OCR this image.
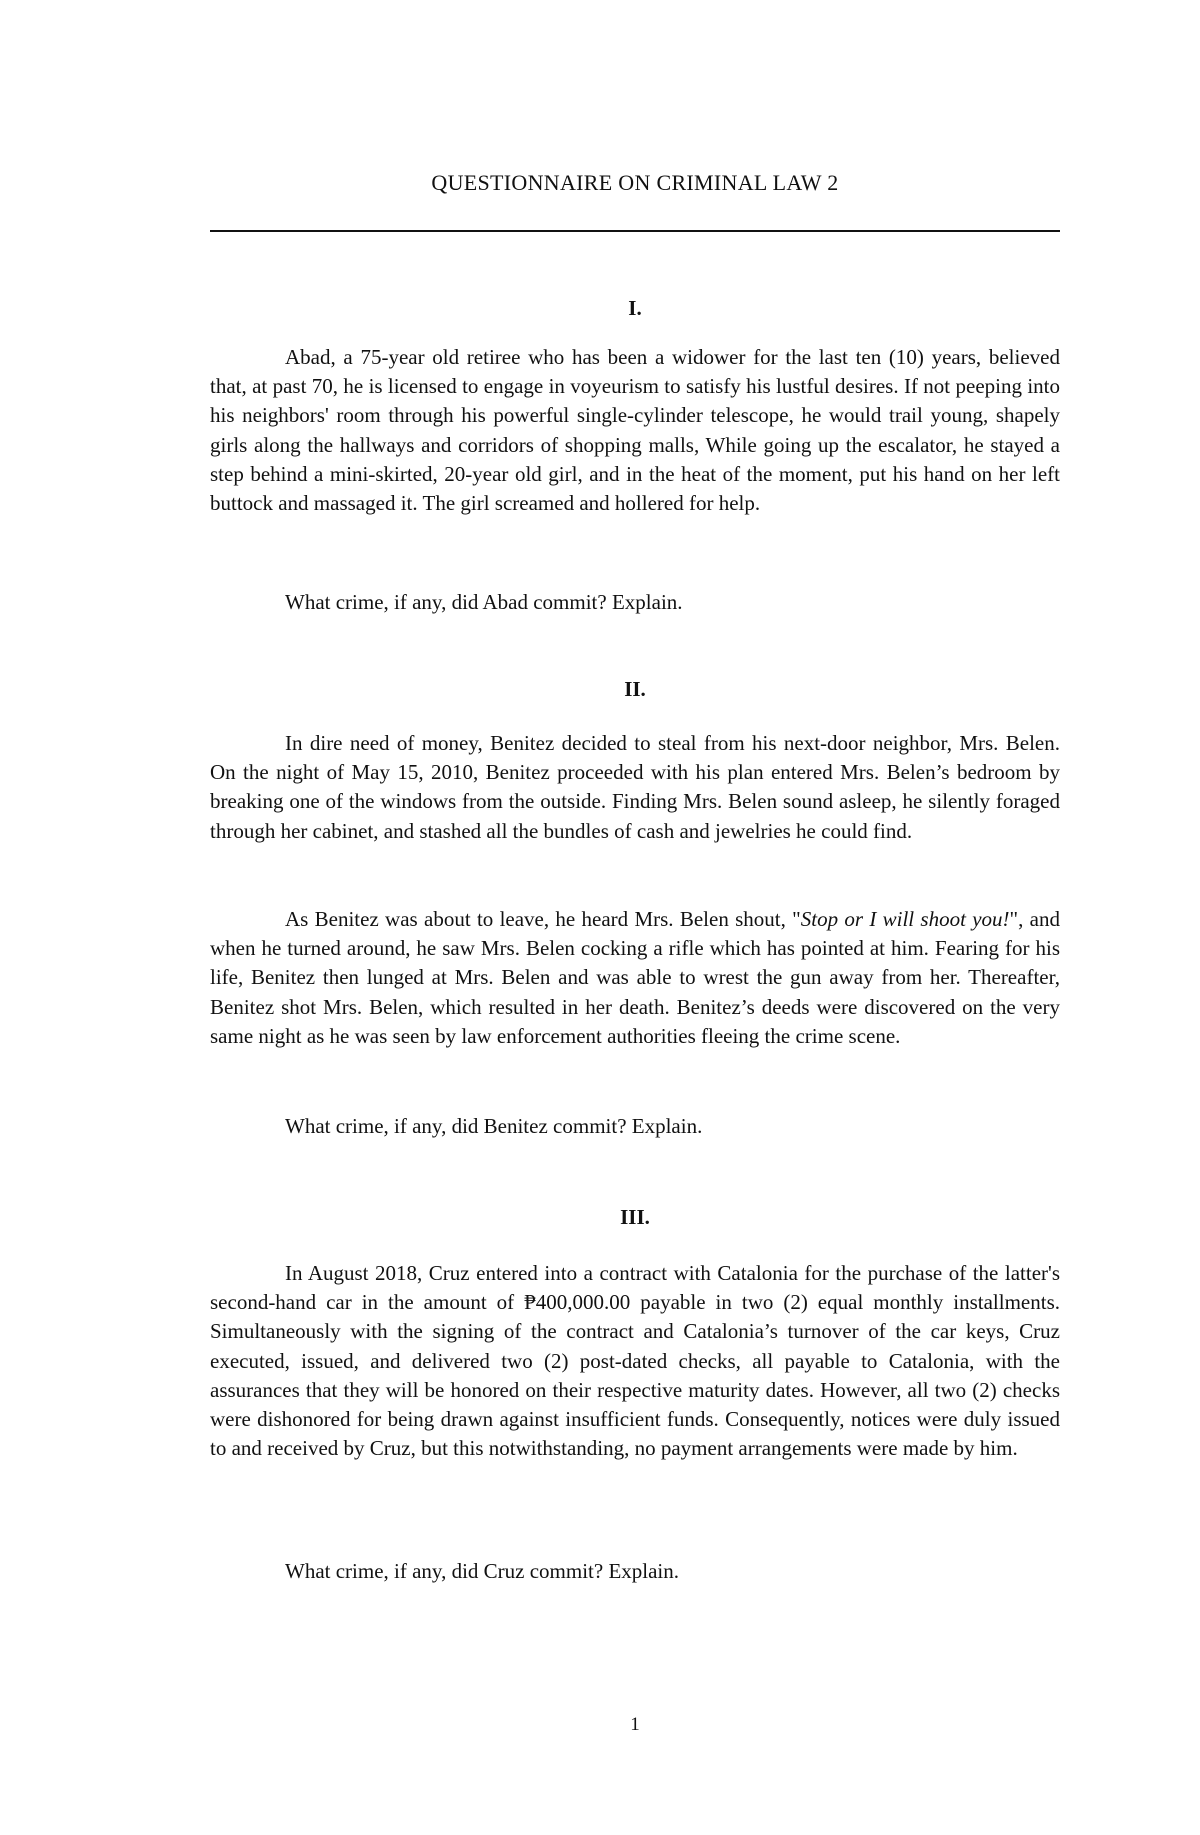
QUESTIONNAIRE ON CRIMINAL LAW 2
I.

Abad, a 75-year old retiree who has been a widower for the last ten (10) years, believed that, at past 70, he is licensed to engage in voyeurism to satisfy his lustful desires. If not peeping into his neighbors' room through his powerful single-cylinder telescope, he would trail young, shapely girls along the hallways and corridors of shopping malls, While going up the escalator, he stayed a step behind a mini-skirted, 20-year old girl, and in the heat of the moment, put his hand on her left buttock and massaged it. The girl screamed and hollered for help.

What crime, if any, did Abad commit? Explain.

II.

In dire need of money, Benitez decided to steal from his next-door neighbor, Mrs. Belen. On the night of May 15, 2010, Benitez proceeded with his plan entered Mrs. Belen’s bedroom by breaking one of the windows from the outside. Finding Mrs. Belen sound asleep, he silently foraged through her cabinet, and stashed all the bundles of cash and jewelries he could find.

As Benitez was about to leave, he heard Mrs. Belen shout, "Stop or I will shoot you!", and when he turned around, he saw Mrs. Belen cocking a rifle which has pointed at him. Fearing for his life, Benitez then lunged at Mrs. Belen and was able to wrest the gun away from her. Thereafter, Benitez shot Mrs. Belen, which resulted in her death. Benitez’s deeds were discovered on the very same night as he was seen by law enforcement authorities fleeing the crime scene.

What crime, if any, did Benitez commit? Explain.

III.

In August 2018, Cruz entered into a contract with Catalonia for the purchase of the latter's second-hand car in the amount of ₱400,000.00 payable in two (2) equal monthly installments. Simultaneously with the signing of the contract and Catalonia’s turnover of the car keys, Cruz executed, issued, and delivered two (2) post-dated checks, all payable to Catalonia, with the assurances that they will be honored on their respective maturity dates. However, all two (2) checks were dishonored for being drawn against insufficient funds. Consequently, notices were duly issued to and received by Cruz, but this notwithstanding, no payment arrangements were made by him.

What crime, if any, did Cruz commit? Explain.

1
